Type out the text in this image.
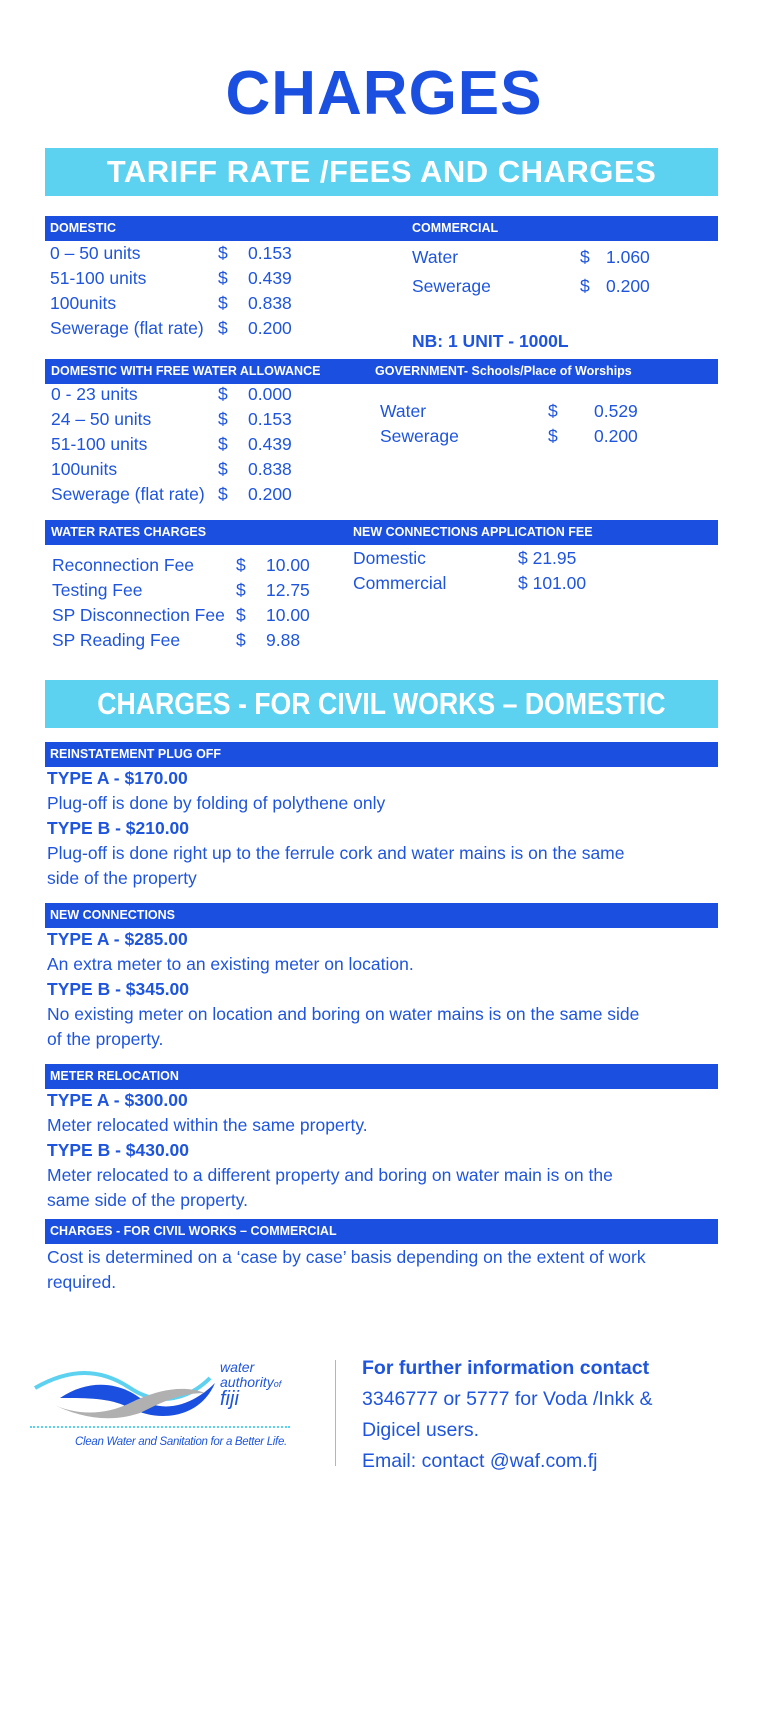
CHARGES
TARIFF RATE /FEES AND CHARGES
DOMESTIC	COMMERCIAL
0 – 50 units	$ 0.153
51-100 units	$ 0.439
100units	$ 0.838
Sewerage (flat rate) $ 0.200
Water	$ 1.060
Sewerage	$ 0.200
NB: 1 UNIT - 1000L
DOMESTIC WITH FREE WATER ALLOWANCE	GOVERNMENT- Schools/Place of Worships
0 - 23 units	$ 0.000
24 – 50 units	$ 0.153
51-100 units	$ 0.439
100units	$ 0.838
Sewerage (flat rate) $ 0.200
Water	$ 0.529
Sewerage	$ 0.200
WATER RATES CHARGES	NEW CONNECTIONS APPLICATION FEE
Reconnection Fee $ 10.00
Testing Fee	$ 12.75
SP Disconnection Fee $ 10.00
SP Reading Fee	$ 9.88
Domestic	$ 21.95
Commercial	$ 101.00
CHARGES - FOR CIVIL WORKS – DOMESTIC
REINSTATEMENT PLUG OFF
TYPE A - $170.00
Plug-off is done by folding of polythene only
TYPE B - $210.00
Plug-off is done right up to the ferrule cork and water mains is on the same side of the property
NEW CONNECTIONS
TYPE A - $285.00
An extra meter to an existing meter on location.
TYPE B - $345.00
No existing meter on location and boring on water mains is on the same side of the property.
METER RELOCATION
TYPE A - $300.00
Meter relocated within the same property.
TYPE B - $430.00
Meter relocated to a different property and boring on water main is on the same side of the property.
CHARGES - FOR CIVIL WORKS – COMMERCIAL
Cost is determined on a ‘case by case’ basis depending on the extent of work required.
water
authorityof
fiji
Clean Water and Sanitation for a Better Life.
For further information contact
3346777 or 5777 for Voda /Inkk &
Digicel users.
Email: contact @waf.com.fj
